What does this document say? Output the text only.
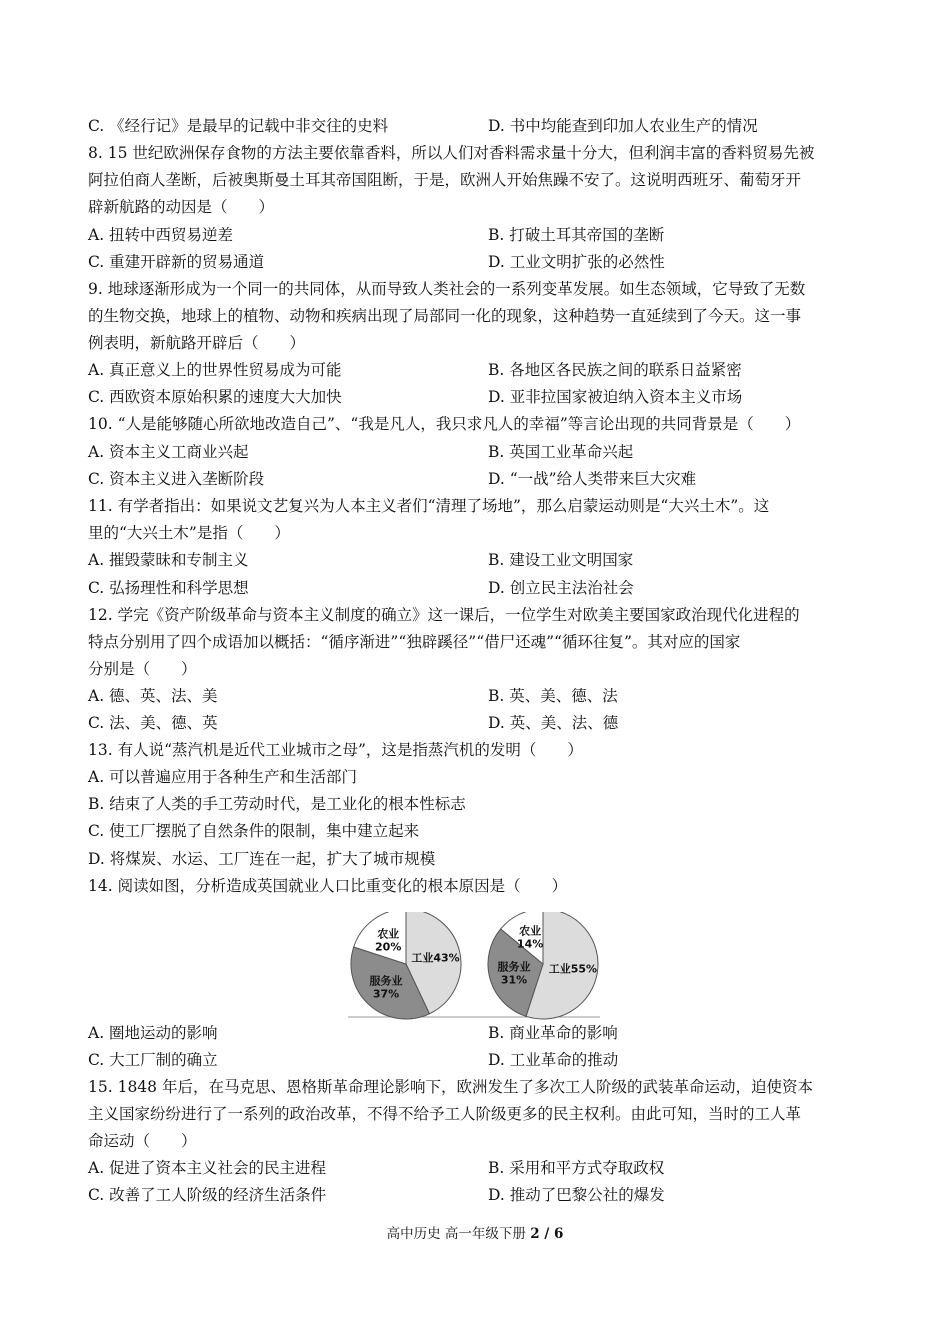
C. 《经行记》是最早的记载中非交往的史料	D. 书中均能查到印加人农业生产的情况
8. 15 世纪欧洲保存食物的方法主要依靠香料，所以人们对香料需求量十分大，但利润丰富的香料贸易先被
阿拉伯商人垄断，后被奥斯曼土耳其帝国阻断，于是，欧洲人开始焦躁不安了。这说明西班牙、葡萄牙开
辟新航路的动因是（　　）
A. 扭转中西贸易逆差	B. 打破土耳其帝国的垄断
C. 重建开辟新的贸易通道	D. 工业文明扩张的必然性
9. 地球逐渐形成为一个同一的共同体，从而导致人类社会的一系列变革发展。如生态领域，它导致了无数
的生物交换，地球上的植物、动物和疾病出现了局部同一化的现象，这种趋势一直延续到了今天。这一事
例表明，新航路开辟后（　　）
A. 真正意义上的世界性贸易成为可能	B. 各地区各民族之间的联系日益紧密
C. 西欧资本原始积累的速度大大加快	D. 亚非拉国家被迫纳入资本主义市场
10. “人是能够随心所欲地改造自己”、“我是凡人，我只求凡人的幸福”等言论出现的共同背景是（　　）
A. 资本主义工商业兴起	B. 英国工业革命兴起
C. 资本主义进入垄断阶段	D. “一战”给人类带来巨大灾难
11. 有学者指出：如果说文艺复兴为人本主义者们“清理了场地”，那么启蒙运动则是“大兴土木”。这
里的“大兴土木”是指（　　）
A. 摧毁蒙昧和专制主义	B. 建设工业文明国家
C. 弘扬理性和科学思想	D. 创立民主法治社会
12. 学完《资产阶级革命与资本主义制度的确立》这一课后，一位学生对欧美主要国家政治现代化进程的
特点分别用了四个成语加以概括：“循序渐进”“独辟蹊径”“借尸还魂”“循环往复”。其对应的国家
分别是（　　）
A. 德、英、法、美	B. 英、美、德、法
C. 法、美、德、英	D. 英、美、法、德
13. 有人说“蒸汽机是近代工业城市之母”，这是指蒸汽机的发明（　　）
A. 可以普遍应用于各种生产和生活部门
B. 结束了人类的手工劳动时代，是工业化的根本性标志
C. 使工厂摆脱了自然条件的限制，集中建立起来
D. 将煤炭、水运、工厂连在一起，扩大了城市规模
14. 阅读如图，分析造成英国就业人口比重变化的根本原因是（　　）
工业43%
服务业 37%
农业 20%
工业55%
服务业 31%
农业 14%
A. 圈地运动的影响	B. 商业革命的影响
C. 大工厂制的确立	D. 工业革命的推动
15. 1848 年后，在马克思、恩格斯革命理论影响下，欧洲发生了多次工人阶级的武装革命运动，迫使资本
主义国家纷纷进行了一系列的政治改革，不得不给予工人阶级更多的民主权利。由此可知，当时的工人革
命运动（　　）
A. 促进了资本主义社会的民主进程	B. 采用和平方式夺取政权
C. 改善了工人阶级的经济生活条件	D. 推动了巴黎公社的爆发
高中历史 高一年级下册 2 / 6
